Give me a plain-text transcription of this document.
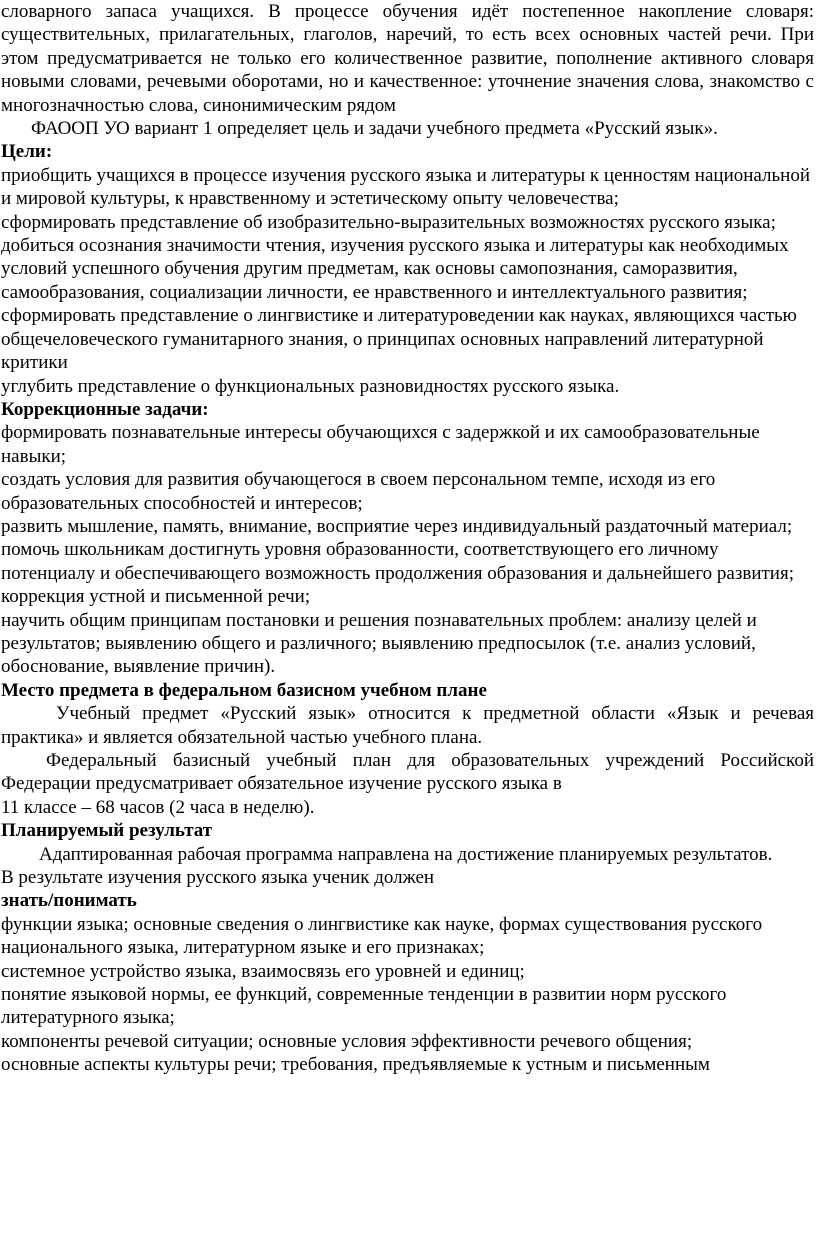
словарного запаса учащихся. В процессе обучения идёт постепенное накопление словаря: существительных, прилагательных, глаголов, наречий, то есть всех основных частей речи. При этом предусматривается не только его количественное развитие, пополнение активного словаря новыми словами, речевыми оборотами, но и качественное: уточнение значения слова, знакомство с многозначностью слова, синонимическим рядом

ФАООП УО вариант 1 определяет цель и задачи учебного предмета «Русский язык».

Цели:

приобщить учащихся в процессе изучения русского языка и литературы к ценностям национальной и мировой культуры, к нравственному и эстетическому опыту человечества;

сформировать представление об изобразительно-выразительных возможностях русского языка;

добиться осознания значимости чтения, изучения русского языка и литературы как необходимых условий успешного обучения другим предметам, как основы самопознания, саморазвития, самообразования, социализации личности, ее нравственного и интеллектуального развития;

сформировать представление о лингвистике и литературоведении как науках, являющихся частью общечеловеческого гуманитарного знания, о принципах основных направлений литературной критики

углубить представление о функциональных разновидностях русского языка.

Коррекционные задачи:

формировать познавательные интересы обучающихся с задержкой и их самообразовательные навыки;

создать условия для развития обучающегося в своем персональном темпе, исходя из его образовательных способностей и интересов;

развить мышление, память, внимание, восприятие через индивидуальный раздаточный материал;

помочь школьникам достигнуть уровня образованности, соответствующего его личному потенциалу и обеспечивающего возможность продолжения образования и дальнейшего развития;

коррекция устной и письменной речи;

научить общим принципам постановки и решения познавательных проблем: анализу целей и результатов; выявлению общего и различного; выявлению предпосылок (т.е. анализ условий, обоснование, выявление причин).

Место предмета в федеральном базисном учебном плане

Учебный предмет «Русский язык» относится к предметной области «Язык и речевая практика» и является обязательной частью учебного плана.

Федеральный базисный учебный план для образовательных учреждений Российской Федерации предусматривает обязательное изучение русского языка в

11 классе – 68 часов (2 часа в неделю).

Планируемый результат

Адаптированная рабочая программа направлена на достижение планируемых результатов.

В результате изучения русского языка ученик должен

знать/понимать

функции языка; основные сведения о лингвистике как науке, формах существования русского национального языка, литературном языке и его признаках;

системное устройство языка, взаимосвязь его уровней и единиц;

понятие языковой нормы, ее функций, современные тенденции в развитии норм русского литературного языка;

компоненты речевой ситуации; основные условия эффективности речевого общения;

основные аспекты культуры речи; требования, предъявляемые к устным и письменным
